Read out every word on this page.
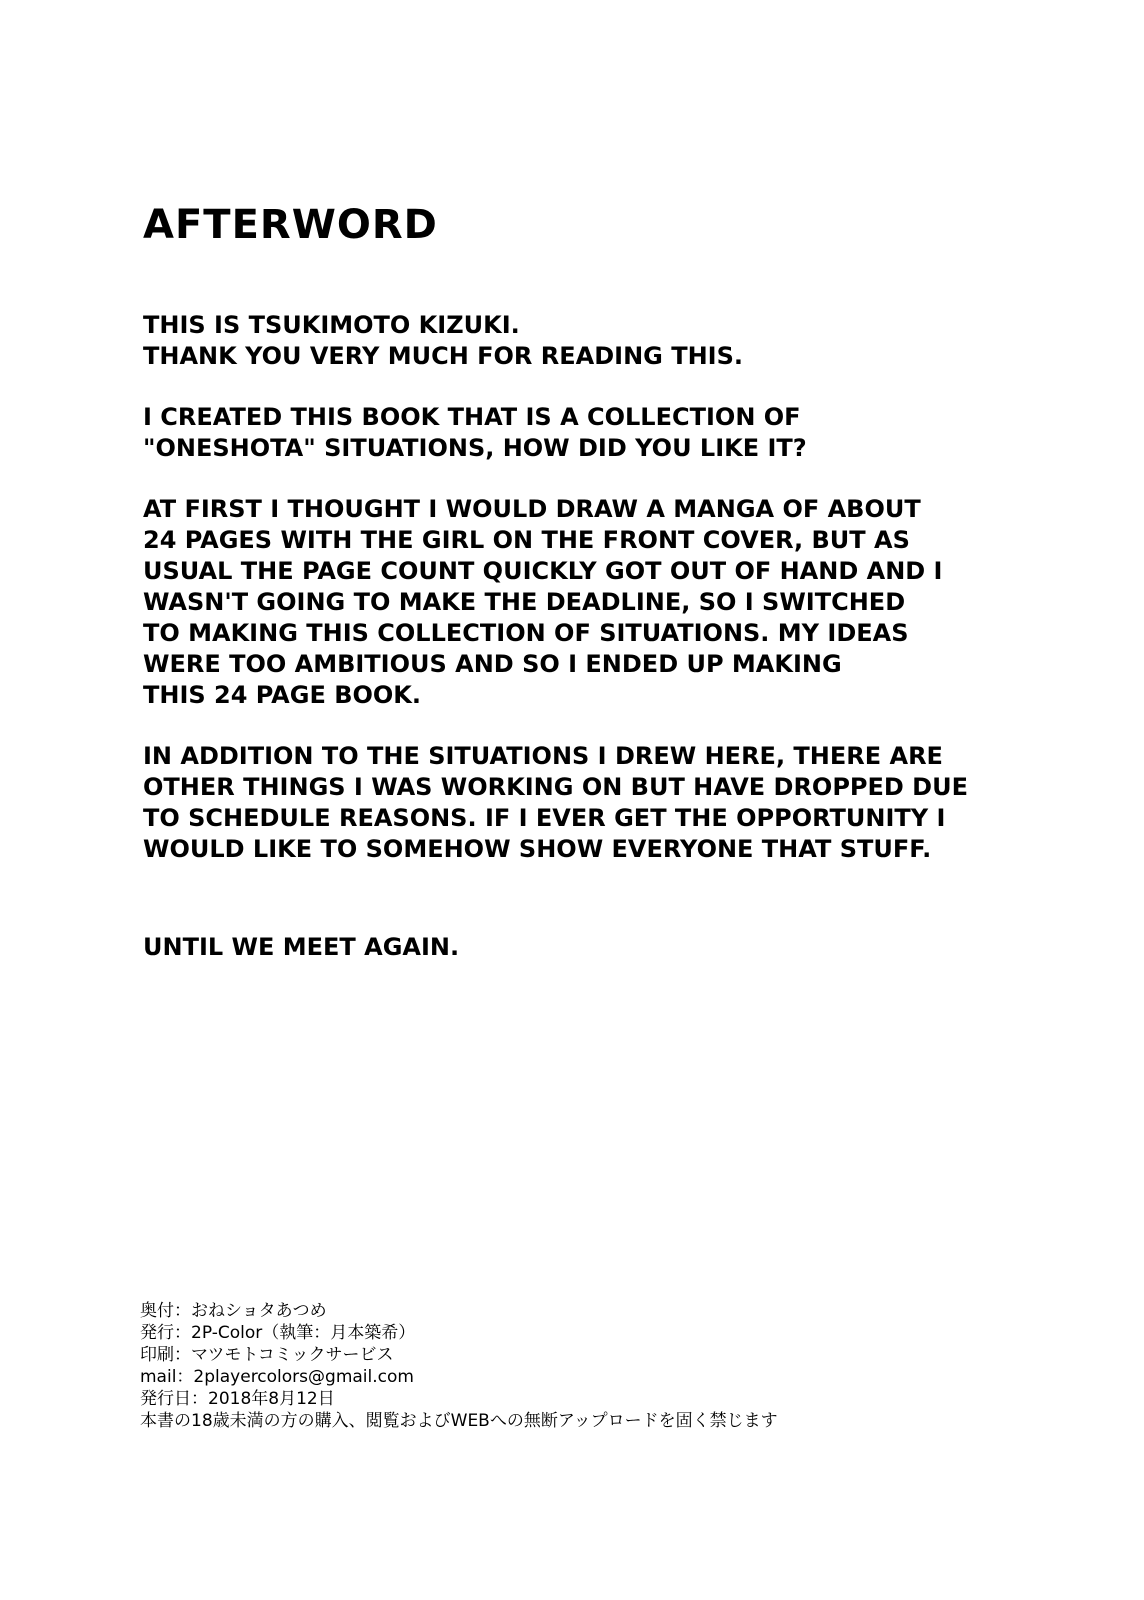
AFTERWORD

THIS IS TSUKIMOTO KIZUKI.
THANK YOU VERY MUCH FOR READING THIS.

I CREATED THIS BOOK THAT IS A COLLECTION OF
"ONESHOTA" SITUATIONS, HOW DID YOU LIKE IT?

AT FIRST I THOUGHT I WOULD DRAW A MANGA OF ABOUT
24 PAGES WITH THE GIRL ON THE FRONT COVER, BUT AS
USUAL THE PAGE COUNT QUICKLY GOT OUT OF HAND AND I
WASN'T GOING TO MAKE THE DEADLINE, SO I SWITCHED
TO MAKING THIS COLLECTION OF SITUATIONS. MY IDEAS
WERE TOO AMBITIOUS AND SO I ENDED UP MAKING
THIS 24 PAGE BOOK.

IN ADDITION TO THE SITUATIONS I DREW HERE, THERE ARE
OTHER THINGS I WAS WORKING ON BUT HAVE DROPPED DUE
TO SCHEDULE REASONS. IF I EVER GET THE OPPORTUNITY I
WOULD LIKE TO SOMEHOW SHOW EVERYONE THAT STUFF.

UNTIL WE MEET AGAIN.

奥付：おねショタあつめ
発行：2P-Color（執筆：月本築希）
印刷：マツモトコミックサービス
mail：2playercolors@gmail.com
発行日：2018年8月12日
本書の18歳未満の方の購入、閲覧およびWEBへの無断アップロードを固く禁じます
